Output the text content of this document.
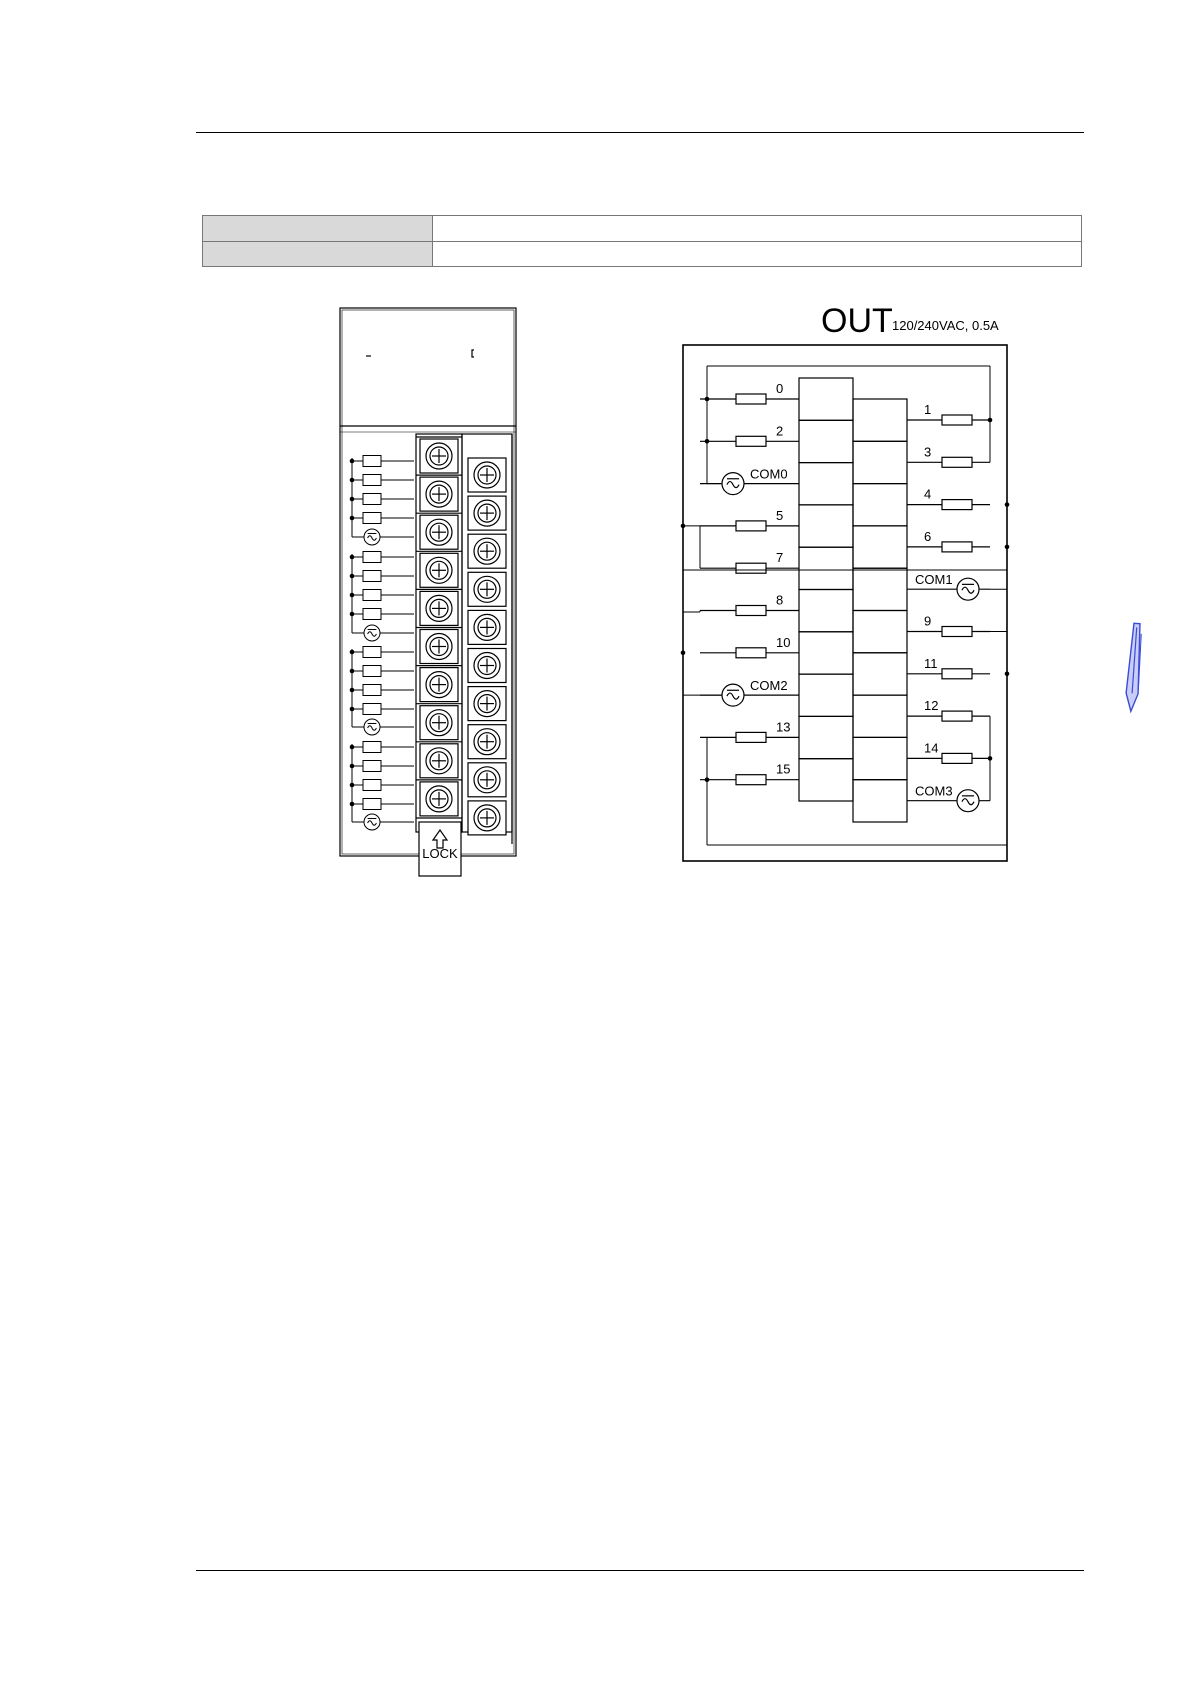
LOCK
OUT 120/240VAC, 0.5A
0
2
COM0
5
7
8
10
COM2
13
15
1
3
4
6
COM1
9
11
12
14
COM3
